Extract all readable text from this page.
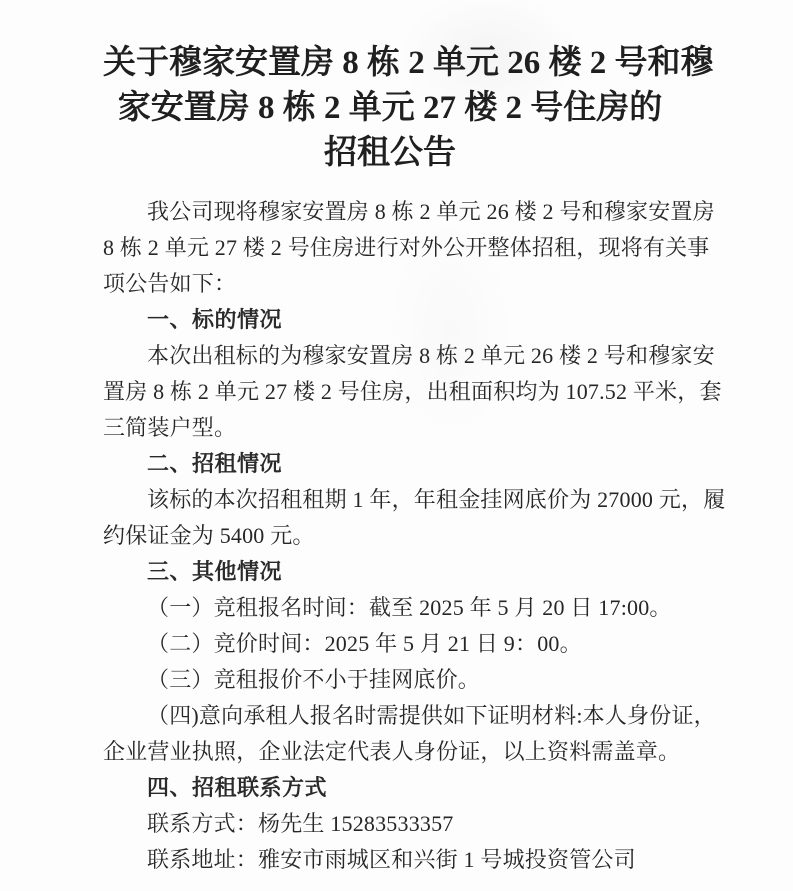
关于穆家安置房 8 栋 2 单元 26 楼 2 号和穆
家安置房 8 栋 2 单元 27 楼 2 号住房的
招租公告
我公司现将穆家安置房 8 栋 2 单元 26 楼 2 号和穆家安置房
8 栋 2 单元 27 楼 2 号住房进行对外公开整体招租，现将有关事
项公告如下：
一、标的情况
本次出租标的为穆家安置房 8 栋 2 单元 26 楼 2 号和穆家安
置房 8 栋 2 单元 27 楼 2 号住房，出租面积均为 107.52 平米，套
三简装户型。
二、招租情况
该标的本次招租租期 1 年，年租金挂网底价为 27000 元，履
约保证金为 5400 元。
三、其他情况
（一）竞租报名时间：截至 2025 年 5 月 20 日 17:00。
（二）竞价时间：2025 年 5 月 21 日 9：00。
（三）竞租报价不小于挂网底价。
（四)意向承租人报名时需提供如下证明材料:本人身份证，
企业营业执照，企业法定代表人身份证，以上资料需盖章。
四、招租联系方式
联系方式：杨先生 15283533357
联系地址：雅安市雨城区和兴街 1 号城投资管公司
